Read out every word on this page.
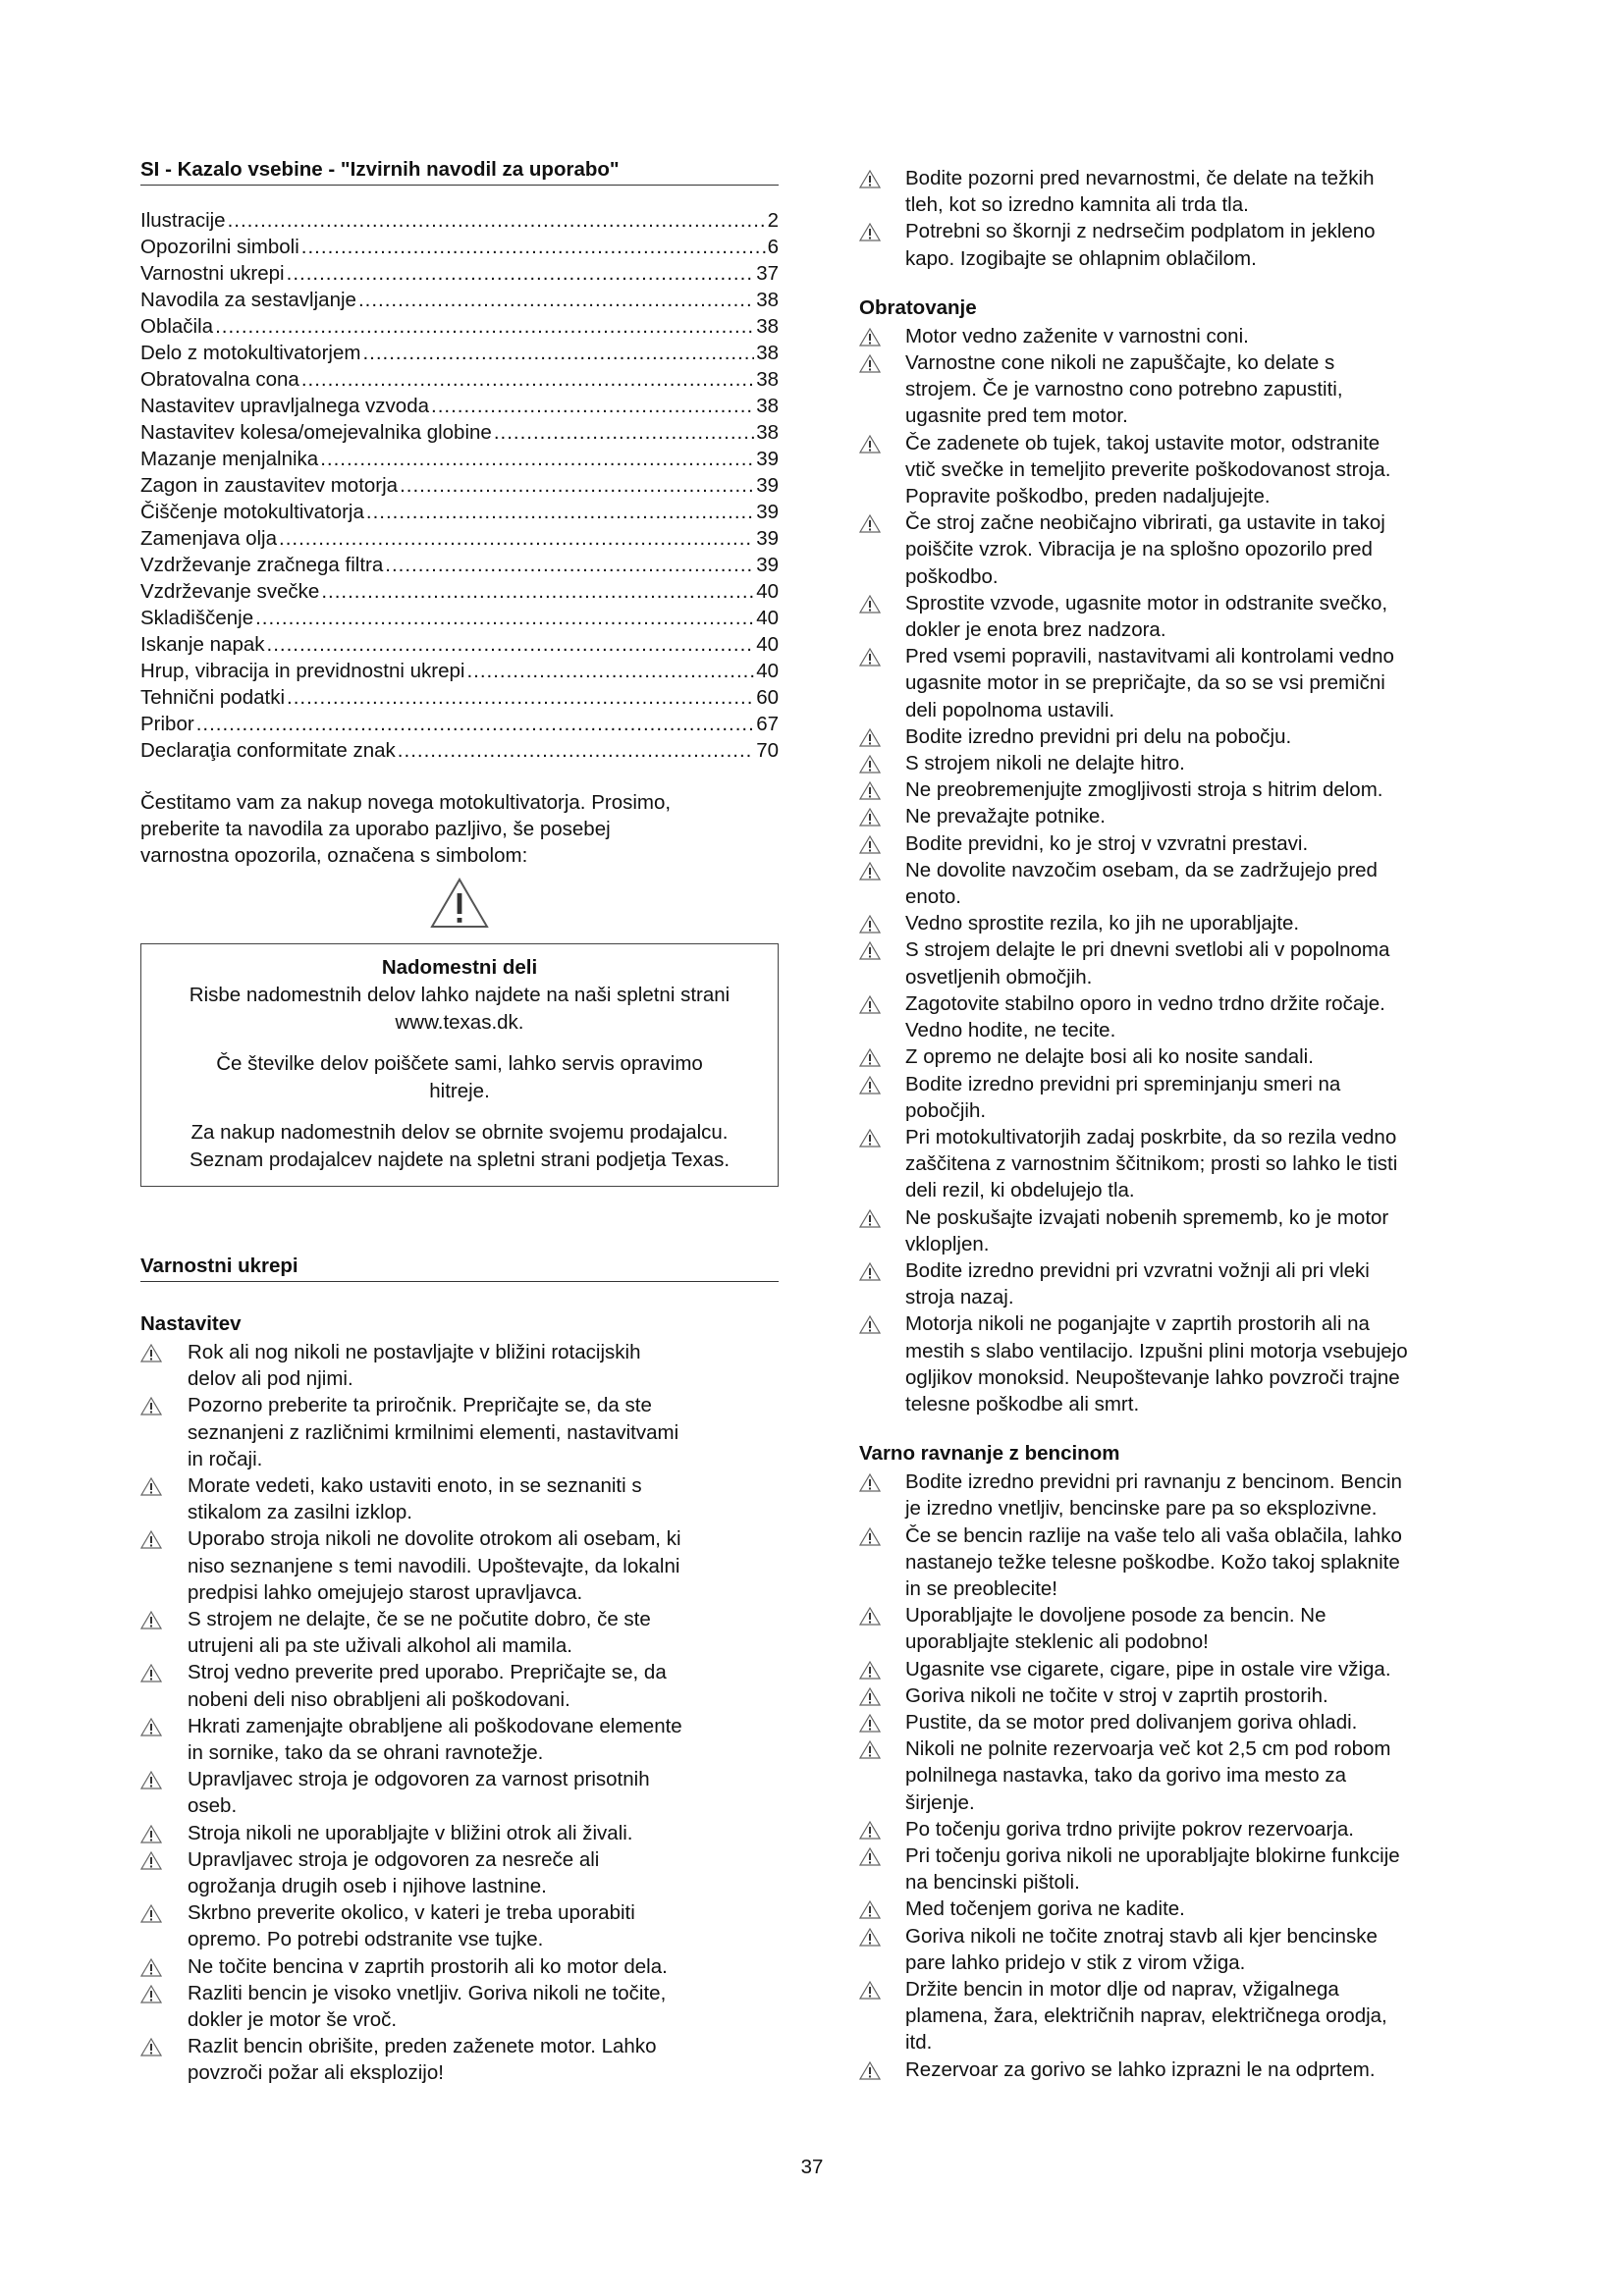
SI - Kazalo vsebine - "Izvirnih navodil za uporabo"
Ilustracije .....	2
Opozorilni simboli .....	6
Varnostni ukrepi .....	37
Navodila za sestavljanje .....	38
Oblačila .....	38
Delo z motokultivatorjem .....	38
Obratovalna cona .....	38
Nastavitev upravljalnega vzvoda .....	38
Nastavitev kolesa/omejevalnika globine .....	38
Mazanje menjalnika .....	39
Zagon in zaustavitev motorja .....	39
Čiščenje motokultivatorja .....	39
Zamenjava olja .....	39
Vzdrževanje zračnega filtra .....	39
Vzdrževanje svečke .....	40
Skladiščenje .....	40
Iskanje napak .....	40
Hrup, vibracija in previdnostni ukrepi .....	40
Tehnični podatki .....	60
Pribor .....	67
Declaraţia conformitate znak .....	70
Čestitamo vam za nakup novega motokultivatorja. Prosimo,
preberite ta navodila za uporabo pazljivo, še posebej
varnostna opozorila, označena s simbolom:
Nadomestni deli
Risbe nadomestnih delov lahko najdete na naši spletni strani
www.texas.dk.
Če številke delov poiščete sami, lahko servis opravimo
hitreje.
Za nakup nadomestnih delov se obrnite svojemu prodajalcu.
Seznam prodajalcev najdete na spletni strani podjetja Texas.
Varnostni ukrepi
Nastavitev
Rok ali nog nikoli ne postavljajte v bližini rotacijskih
delov ali pod njimi.
Pozorno preberite ta priročnik. Prepričajte se, da ste
seznanjeni z različnimi krmilnimi elementi, nastavitvami
in ročaji.
Morate vedeti, kako ustaviti enoto, in se seznaniti s
stikalom za zasilni izklop.
Uporabo stroja nikoli ne dovolite otrokom ali osebam, ki
niso seznanjene s temi navodili. Upoštevajte, da lokalni
predpisi lahko omejujejo starost upravljavca.
S strojem ne delajte, če se ne počutite dobro, če ste
utrujeni ali pa ste uživali alkohol ali mamila.
Stroj vedno preverite pred uporabo. Prepričajte se, da
nobeni deli niso obrabljeni ali poškodovani.
Hkrati zamenjajte obrabljene ali poškodovane elemente
in sornike, tako da se ohrani ravnotežje.
Upravljavec stroja je odgovoren za varnost prisotnih
oseb.
Stroja nikoli ne uporabljajte v bližini otrok ali živali.
Upravljavec stroja je odgovoren za nesreče ali
ogrožanja drugih oseb i njihove lastnine.
Skrbno preverite okolico, v kateri je treba uporabiti
opremo. Po potrebi odstranite vse tujke.
Ne točite bencina v zaprtih prostorih ali ko motor dela.
Razliti bencin je visoko vnetljiv. Goriva nikoli ne točite,
dokler je motor še vroč.
Razlit bencin obrišite, preden zaženete motor. Lahko
povzroči požar ali eksplozijo!
Bodite pozorni pred nevarnostmi, če delate na težkih
tleh, kot so izredno kamnita ali trda tla.
Potrebni so škornji z nedrsečim podplatom in jekleno
kapo. Izogibajte se ohlapnim oblačilom.
Obratovanje
Motor vedno zaženite v varnostni coni.
Varnostne cone nikoli ne zapuščajte, ko delate s
strojem. Če je varnostno cono potrebno zapustiti,
ugasnite pred tem motor.
Če zadenete ob tujek, takoj ustavite motor, odstranite
vtič svečke in temeljito preverite poškodovanost stroja.
Popravite poškodbo, preden nadaljujejte.
Če stroj začne neobičajno vibrirati, ga ustavite in takoj
poiščite vzrok. Vibracija je na splošno opozorilo pred
poškodbo.
Sprostite vzvode, ugasnite motor in odstranite svečko,
dokler je enota brez nadzora.
Pred vsemi popravili, nastavitvami ali kontrolami vedno
ugasnite motor in se prepričajte, da so se vsi premični
deli popolnoma ustavili.
Bodite izredno previdni pri delu na pobočju.
S strojem nikoli ne delajte hitro.
Ne preobremenjujte zmogljivosti stroja s hitrim delom.
Ne prevažajte potnike.
Bodite previdni, ko je stroj v vzvratni prestavi.
Ne dovolite navzočim osebam, da se zadržujejo pred
enoto.
Vedno sprostite rezila, ko jih ne uporabljajte.
S strojem delajte le pri dnevni svetlobi ali v popolnoma
osvetljenih območjih.
Zagotovite stabilno oporo in vedno trdno držite ročaje.
Vedno hodite, ne tecite.
Z opremo ne delajte bosi ali ko nosite sandali.
Bodite izredno previdni pri spreminjanju smeri na
pobočjih.
Pri motokultivatorjih zadaj poskrbite, da so rezila vedno
zaščitena z varnostnim ščitnikom; prosti so lahko le tisti
deli rezil, ki obdelujejo tla.
Ne poskušajte izvajati nobenih sprememb, ko je motor
vklopljen.
Bodite izredno previdni pri vzvratni vožnji ali pri vleki
stroja nazaj.
Motorja nikoli ne poganjajte v zaprtih prostorih ali na
mestih s slabo ventilacijo. Izpušni plini motorja vsebujejo
ogljikov monoksid. Neupoštevanje lahko povzroči trajne
telesne poškodbe ali smrt.
Varno ravnanje z bencinom
Bodite izredno previdni pri ravnanju z bencinom. Bencin
je izredno vnetljiv, bencinske pare pa so eksplozivne.
Če se bencin razlije na vaše telo ali vaša oblačila, lahko
nastanejo težke telesne poškodbe. Kožo takoj splaknite
in se preoblecite!
Uporabljajte le dovoljene posode za bencin. Ne
uporabljajte steklenic ali podobno!
Ugasnite vse cigarete, cigare, pipe in ostale vire vžiga.
Goriva nikoli ne točite v stroj v zaprtih prostorih.
Pustite, da se motor pred dolivanjem goriva ohladi.
Nikoli ne polnite rezervoarja več kot 2,5 cm pod robom
polnilnega nastavka, tako da gorivo ima mesto za
širjenje.
Po točenju goriva trdno privijte pokrov rezervoarja.
Pri točenju goriva nikoli ne uporabljajte blokirne funkcije
na bencinski pištoli.
Med točenjem goriva ne kadite.
Goriva nikoli ne točite znotraj stavb ali kjer bencinske
pare lahko pridejo v stik z virom vžiga.
Držite bencin in motor dlje od naprav, vžigalnega
plamena, žara, električnih naprav, električnega orodja,
itd.
Rezervoar za gorivo se lahko izprazni le na odprtem.
37
